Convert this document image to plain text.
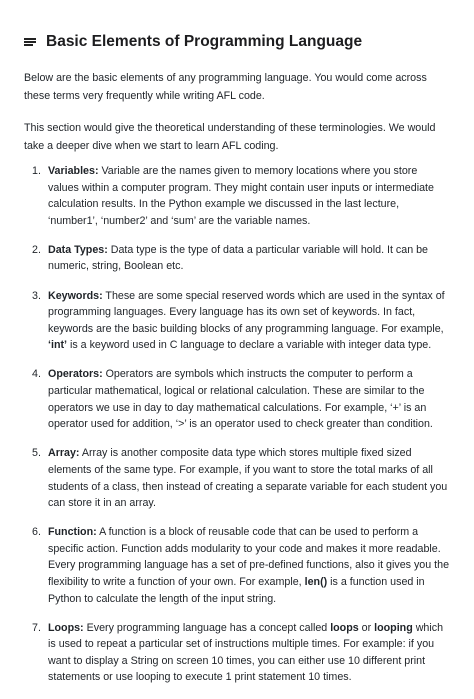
Basic Elements of Programming Language

Below are the basic elements of any programming language. You would come across these terms very frequently while writing AFL code.

This section would give the theoretical understanding of these terminologies. We would take a deeper dive when we start to learn AFL coding.

1. Variables: Variable are the names given to memory locations where you store values within a computer program. They might contain user inputs or intermediate calculation results. In the Python example we discussed in the last lecture, ‘number1’, ‘number2’ and ‘sum’ are the variable names.
2. Data Types: Data type is the type of data a particular variable will hold. It can be numeric, string, Boolean etc.
3. Keywords: These are some special reserved words which are used in the syntax of programming languages. Every language has its own set of keywords. In fact, keywords are the basic building blocks of any programming language. For example, ‘int’ is a keyword used in C language to declare a variable with integer data type.
4. Operators: Operators are symbols which instructs the computer to perform a particular mathematical, logical or relational calculation. These are similar to the operators we use in day to day mathematical calculations. For example, ‘+’ is an operator used for addition, ‘>’ is an operator used to check greater than condition.
5. Array: Array is another composite data type which stores multiple fixed sized elements of the same type. For example, if you want to store the total marks of all students of a class, then instead of creating a separate variable for each student you can store it in an array.
6. Function: A function is a block of reusable code that can be used to perform a specific action. Function adds modularity to your code and makes it more readable. Every programming language has a set of pre-defined functions, also it gives you the flexibility to write a function of your own. For example, len() is a function used in Python to calculate the length of the input string.
7. Loops: Every programming language has a concept called loops or looping which is used to repeat a particular set of instructions multiple times. For example: if you want to display a String on screen 10 times, you can either use 10 different print statements or use looping to execute 1 print statement 10 times.
